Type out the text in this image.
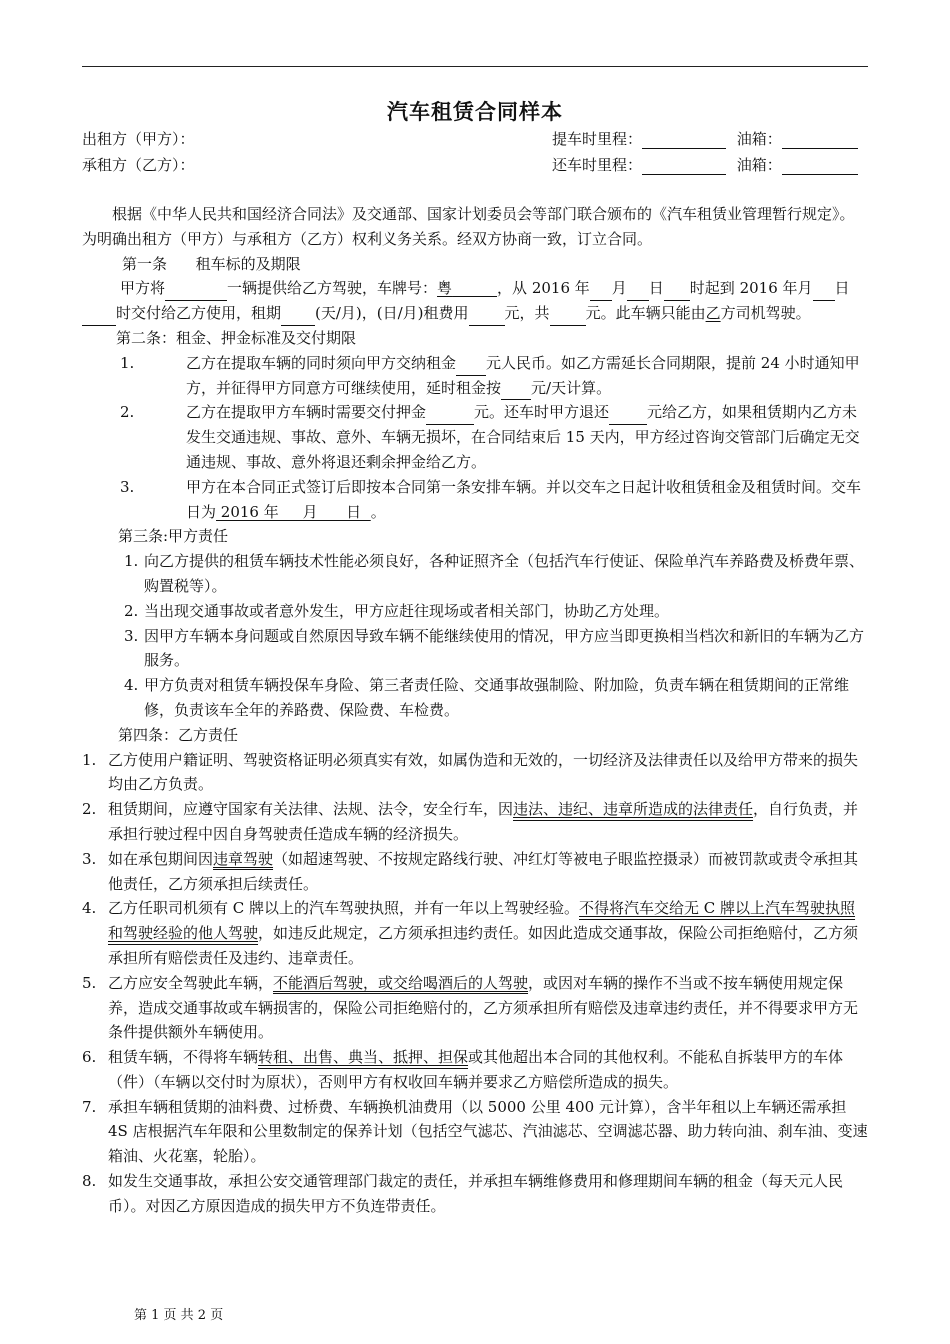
汽车租赁合同样本
出租方（甲方）：
承租方（乙方）：
提车时里程：	油箱：
还车时里程：	油箱：

根据《中华人民共和国经济合同法》及交通部、国家计划委员会等部门联合颁布的《汽车租赁业管理暂行规定》。为明确出租方（甲方）与承租方（乙方）权利义务关系。经双方协商一致，订立合同。

第一条      租车标的及期限

甲方将	一辆提供给乙方驾驶，车牌号：粤      	，从 2016 年 月 日 时起到 2016 年月 日时交付给乙方使用，租期 (天/月)，(日/月)租费用 元，共 元。此车辆只能由乙方司机驾驶。

第二条：租金、押金标准及交付期限

1.	乙方在提取车辆的同时须向甲方交纳租金 元人民币。如乙方需延长合同期限，提前 24 小时通知甲方，并征得甲方同意方可继续使用，延时租金按 元/天计算。
2.	乙方在提取甲方车辆时需要交付押金	元。还车时甲方退还	元给乙方，如果租赁期内乙方未发生交通违规、事故、意外、车辆无损坏，在合同结束后 15 天内，甲方经过咨询交管部门后确定无交通违规、事故、意外将退还剩余押金给乙方。
3.	甲方在本合同正式签订后即按本合同第一条安排车辆。并以交车之日起计收租赁租金及租赁时间。交车日为 2016 年     月      日  。

第三条:甲方责任

1. 向乙方提供的租赁车辆技术性能必须良好，各种证照齐全（包括汽车行使证、保险单汽车养路费及桥费年票、购置税等）。
2. 当出现交通事故或者意外发生，甲方应赶往现场或者相关部门，协助乙方处理。
3. 因甲方车辆本身问题或自然原因导致车辆不能继续使用的情况，甲方应当即更换相当档次和新旧的车辆为乙方服务。
4. 甲方负责对租赁车辆投保车身险、第三者责任险、交通事故强制险、附加险，负责车辆在租赁期间的正常维修，负责该车全年的养路费、保险费、车检费。

第四条：乙方责任

1. 乙方使用户籍证明、驾驶资格证明必须真实有效，如属伪造和无效的，一切经济及法律责任以及给甲方带来的损失均由乙方负责。
2. 租赁期间，应遵守国家有关法律、法规、法令，安全行车，因违法、违纪、违章所造成的法律责任，自行负责，并承担行驶过程中因自身驾驶责任造成车辆的经济损失。
3. 如在承包期间因违章驾驶（如超速驾驶、不按规定路线行驶、冲红灯等被电子眼监控摄录）而被罚款或责令承担其他责任，乙方须承担后续责任。
4. 乙方任职司机须有 C 牌以上的汽车驾驶执照，并有一年以上驾驶经验。不得将汽车交给无 C 牌以上汽车驾驶执照和驾驶经验的他人驾驶，如违反此规定，乙方须承担违约责任。如因此造成交通事故，保险公司拒绝赔付，乙方须承担所有赔偿责任及违约、违章责任。
5. 乙方应安全驾驶此车辆，不能酒后驾驶，或交给喝酒后的人驾驶，或因对车辆的操作不当或不按车辆使用规定保养，造成交通事故或车辆损害的，保险公司拒绝赔付的，乙方须承担所有赔偿及违章违约责任，并不得要求甲方无条件提供额外车辆使用。
6. 租赁车辆，不得将车辆转租、出售、典当、抵押、担保或其他超出本合同的其他权利。不能私自拆装甲方的车体（件）（车辆以交付时为原状），否则甲方有权收回车辆并要求乙方赔偿所造成的损失。
7. 承担车辆租赁期的油料费、过桥费、车辆换机油费用（以 5000 公里 400 元计算），含半年租以上车辆还需承担 4S 店根据汽车年限和公里数制定的保养计划（包括空气滤芯、汽油滤芯、空调滤芯器、助力转向油、刹车油、变速箱油、火花塞，轮胎）。
8. 如发生交通事故，承担公安交通管理部门裁定的责任，并承担车辆维修费用和修理期间车辆的租金（每天元人民币）。对因乙方原因造成的损失甲方不负连带责任。
第 1 页 共 2 页
